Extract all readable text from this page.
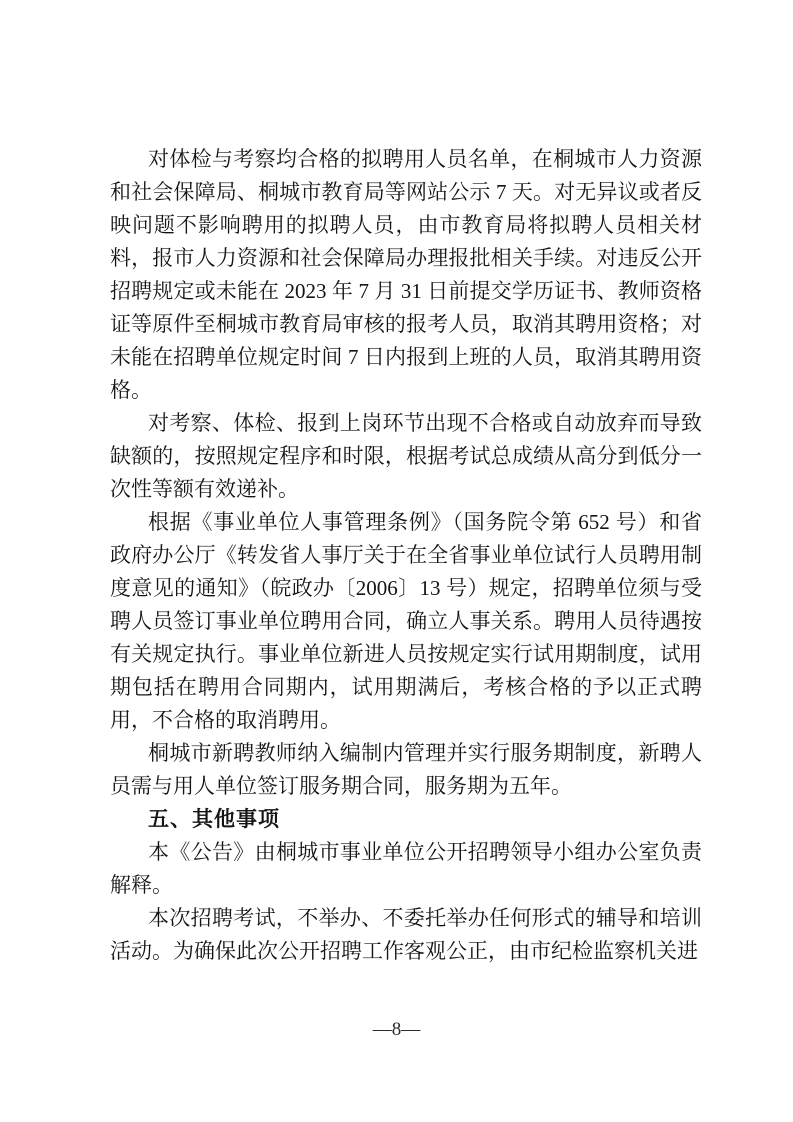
对体检与考察均合格的拟聘用人员名单，在桐城市人力资源和社会保障局、桐城市教育局等网站公示 7 天。对无异议或者反映问题不影响聘用的拟聘人员，由市教育局将拟聘人员相关材料，报市人力资源和社会保障局办理报批相关手续。对违反公开招聘规定或未能在 2023 年 7 月 31 日前提交学历证书、教师资格证等原件至桐城市教育局审核的报考人员，取消其聘用资格；对未能在招聘单位规定时间 7 日内报到上班的人员，取消其聘用资格。

对考察、体检、报到上岗环节出现不合格或自动放弃而导致缺额的，按照规定程序和时限，根据考试总成绩从高分到低分一次性等额有效递补。

根据《事业单位人事管理条例》（国务院令第 652 号）和省政府办公厅《转发省人事厅关于在全省事业单位试行人员聘用制度意见的通知》（皖政办〔2006〕13 号）规定，招聘单位须与受聘人员签订事业单位聘用合同，确立人事关系。聘用人员待遇按有关规定执行。事业单位新进人员按规定实行试用期制度，试用期包括在聘用合同期内，试用期满后，考核合格的予以正式聘用，不合格的取消聘用。

桐城市新聘教师纳入编制内管理并实行服务期制度，新聘人员需与用人单位签订服务期合同，服务期为五年。

五、其他事项

本《公告》由桐城市事业单位公开招聘领导小组办公室负责解释。

本次招聘考试，不举办、不委托举办任何形式的辅导和培训活动。为确保此次公开招聘工作客观公正，由市纪检监察机关进

—8—
